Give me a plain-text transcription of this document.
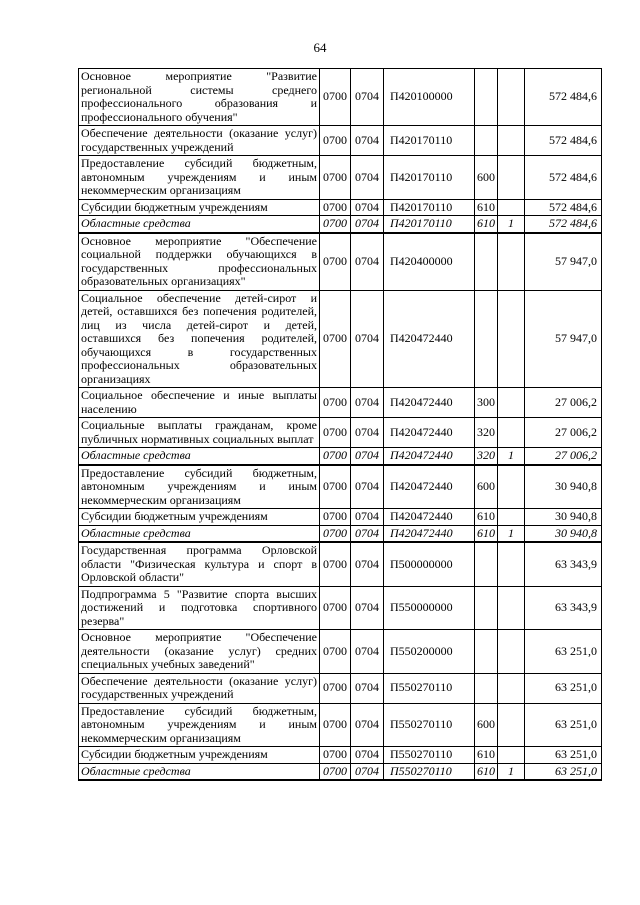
64
Основное мероприятие "Развитие региональной системы среднего профессионального образования и профессионального обучения"	0700	0704	П420100000			572 484,6
Обеспечение деятельности (оказание услуг) государственных учреждений	0700	0704	П420170110			572 484,6
Предоставление субсидий бюджетным, автономным учреждениям и иным некоммерческим организациям	0700	0704	П420170110	600		572 484,6
Субсидии бюджетным учреждениям	0700	0704	П420170110	610		572 484,6
Областные средства	0700	0704	П420170110	610	1	572 484,6
Основное мероприятие "Обеспечение социальной поддержки обучающихся в государственных профессиональных образовательных организациях"	0700	0704	П420400000			57 947,0
Социальное обеспечение детей-сирот и детей, оставшихся без попечения родителей, лиц из числа детей-сирот и детей, оставшихся без попечения родителей, обучающихся в государственных профессиональных образовательных организациях	0700	0704	П420472440			57 947,0
Социальное обеспечение и иные выплаты населению	0700	0704	П420472440	300		27 006,2
Социальные выплаты гражданам, кроме публичных нормативных социальных выплат	0700	0704	П420472440	320		27 006,2
Областные средства	0700	0704	П420472440	320	1	27 006,2
Предоставление субсидий бюджетным, автономным учреждениям и иным некоммерческим организациям	0700	0704	П420472440	600		30 940,8
Субсидии бюджетным учреждениям	0700	0704	П420472440	610		30 940,8
Областные средства	0700	0704	П420472440	610	1	30 940,8
Государственная программа Орловской области "Физическая культура и спорт в Орловской области"	0700	0704	П500000000			63 343,9
Подпрограмма 5 "Развитие спорта высших достижений и подготовка спортивного резерва"	0700	0704	П550000000			63 343,9
Основное мероприятие "Обеспечение деятельности (оказание услуг) средних специальных учебных заведений"	0700	0704	П550200000			63 251,0
Обеспечение деятельности (оказание услуг) государственных учреждений	0700	0704	П550270110			63 251,0
Предоставление субсидий бюджетным, автономным учреждениям и иным некоммерческим организациям	0700	0704	П550270110	600		63 251,0
Субсидии бюджетным учреждениям	0700	0704	П550270110	610		63 251,0
Областные средства	0700	0704	П550270110	610	1	63 251,0
